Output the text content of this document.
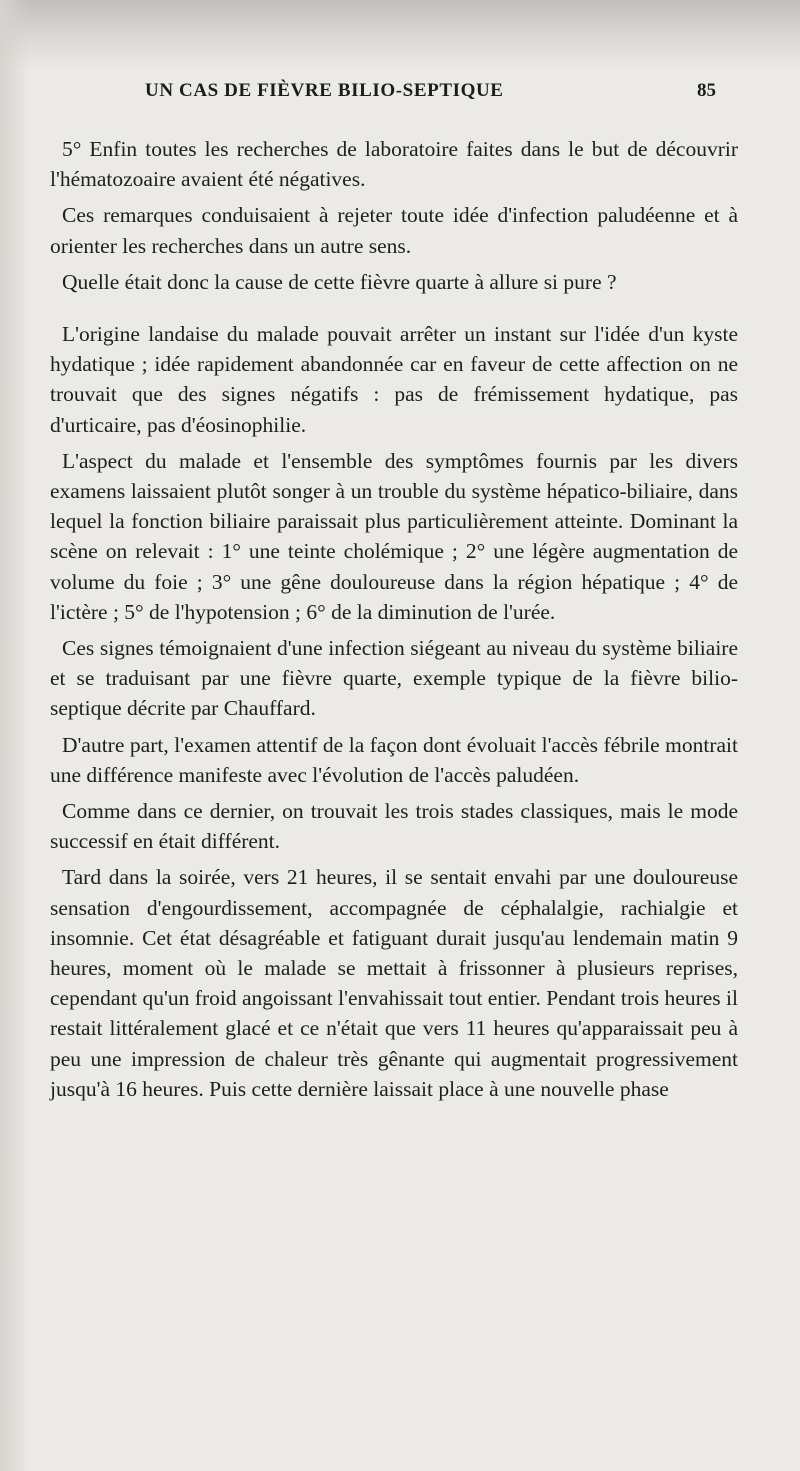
UN CAS DE FIÈVRE BILIO-SEPTIQUE	85

5° Enfin toutes les recherches de laboratoire faites dans le but de découvrir l'hématozoaire avaient été négatives.

Ces remarques conduisaient à rejeter toute idée d'infection paludéenne et à orienter les recherches dans un autre sens.

Quelle était donc la cause de cette fièvre quarte à allure si pure ?

L'origine landaise du malade pouvait arrêter un instant sur l'idée d'un kyste hydatique ; idée rapidement abandonnée car en faveur de cette affection on ne trouvait que des signes négatifs : pas de frémissement hydatique, pas d'urticaire, pas d'éosinophilie.

L'aspect du malade et l'ensemble des symptômes fournis par les divers examens laissaient plutôt songer à un trouble du système hépatico-biliaire, dans lequel la fonction biliaire paraissait plus particulièrement atteinte. Dominant la scène on relevait : 1° une teinte cholémique ; 2° une légère augmentation de volume du foie ; 3° une gêne douloureuse dans la région hépatique ; 4° de l'ictère ; 5° de l'hypotension ; 6° de la diminution de l'urée.

Ces signes témoignaient d'une infection siégeant au niveau du système biliaire et se traduisant par une fièvre quarte, exemple typique de la fièvre bilio-septique décrite par Chauffard.

D'autre part, l'examen attentif de la façon dont évoluait l'accès fébrile montrait une différence manifeste avec l'évolution de l'accès paludéen.

Comme dans ce dernier, on trouvait les trois stades classiques, mais le mode successif en était différent.

Tard dans la soirée, vers 21 heures, il se sentait envahi par une douloureuse sensation d'engourdissement, accompagnée de céphalalgie, rachialgie et insomnie. Cet état désagréable et fatiguant durait jusqu'au lendemain matin 9 heures, moment où le malade se mettait à frissonner à plusieurs reprises, cependant qu'un froid angoissant l'envahissait tout entier. Pendant trois heures il restait littéralement glacé et ce n'était que vers 11 heures qu'apparaissait peu à peu une impression de chaleur très gênante qui augmentait progressivement jusqu'à 16 heures. Puis cette dernière laissait place à une nouvelle phase
